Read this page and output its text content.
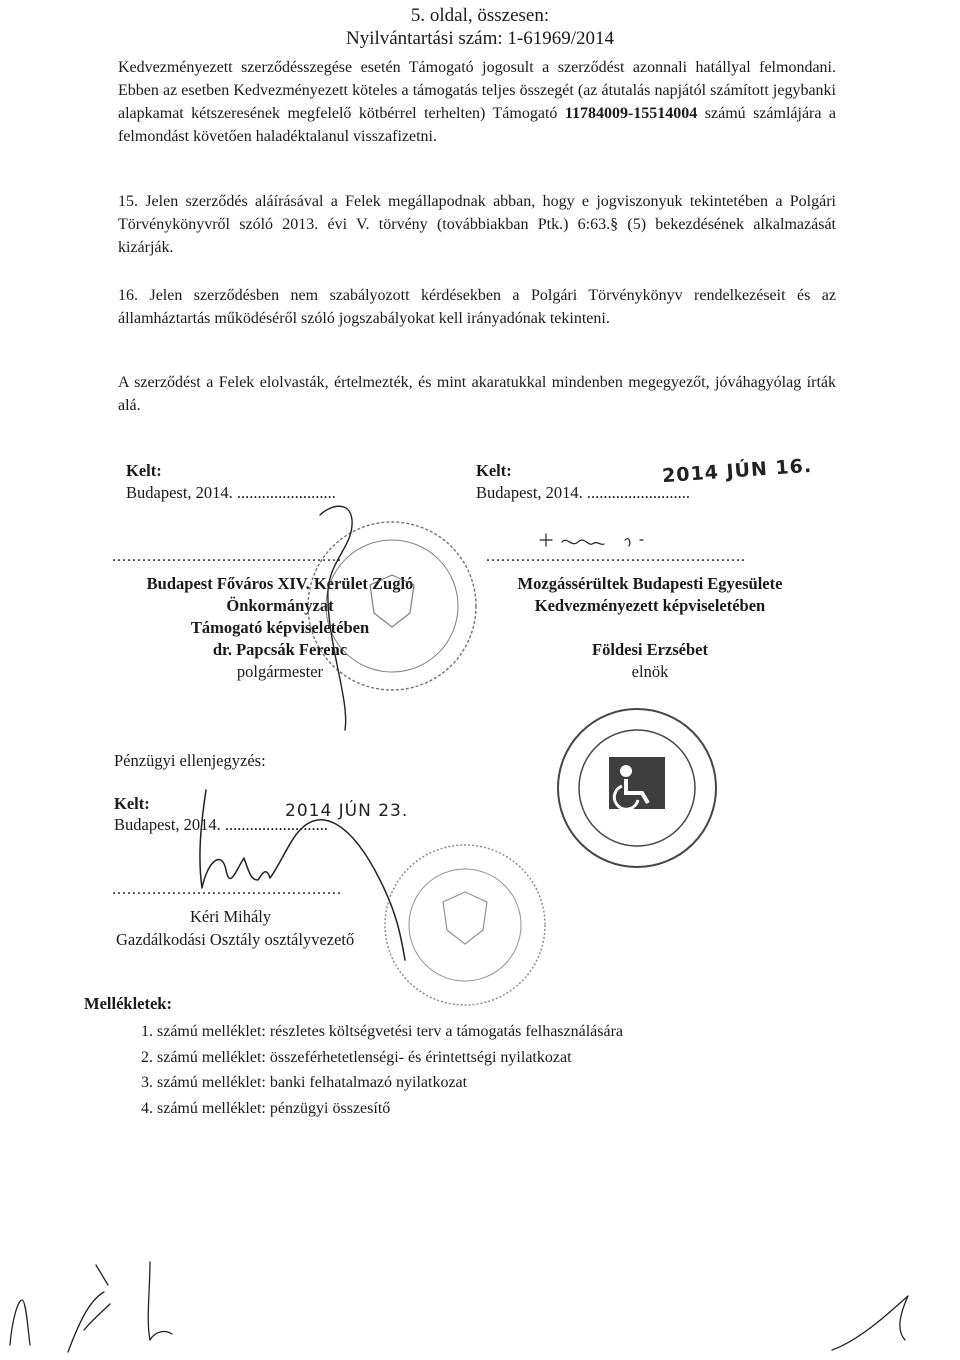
5. oldal, összesen:
Nyilvántartási szám: 1-61969/2014
Kedvezményezett szerződésszegése esetén Támogató jogosult a szerződést azonnali hatállyal felmondani. Ebben az esetben Kedvezményezett köteles a támogatás teljes összegét (az átutalás napjától számított jegybanki alapkamat kétszeresének megfelelő kötbérrel terhelten) Támogató 11784009-15514004 számú számlájára a felmondást követően haladéktalanul visszafizetni.
15. Jelen szerződés aláírásával a Felek megállapodnak abban, hogy e jogviszonyuk tekintetében a Polgári Törvénykönyvről szóló 2013. évi V. törvény (továbbiakban Ptk.) 6:63.§ (5) bekezdésének alkalmazását kizárják.
16. Jelen szerződésben nem szabályozott kérdésekben a Polgári Törvénykönyv rendelkezéseit és az államháztartás működéséről szóló jogszabályokat kell irányadónak tekinteni.
A szerződést a Felek elolvasták, értelmezték, és mint akaratukkal mindenben megegyezőt, jóváhagyólag írták alá.
Kelt:
Budapest, 2014. ........................
..............................................
Budapest Főváros XIV. Kerület Zugló
Önkormányzat
Támogató képviseletében
dr. Papcsák Ferenc
polgármester
Kelt:	2014 JÚN 16.
Budapest, 2014. .........................
....................................................
Mozgássérültek Budapesti Egyesülete
Kedvezményezett képviseletében
Földesi Erzsébet
elnök
Pénzügyi ellenjegyzés:
Kelt:	2014 JÚN 23.
Budapest, 2014. .........................
..............................................
Kéri Mihály
Gazdálkodási Osztály osztályvezető
Mellékletek:
1. számú melléklet: részletes költségvetési terv a támogatás felhasználására
2. számú melléklet: összeférhetetlenségi- és érintettségi nyilatkozat
3. számú melléklet: banki felhatalmazó nyilatkozat
4. számú melléklet: pénzügyi összesítő
